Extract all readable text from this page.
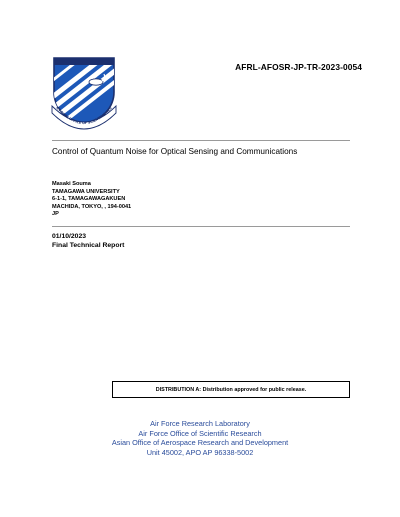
R FORCE OFFICE OF SCIENTIFIC RES
AFRL-AFOSR-JP-TR-2023-0054
Control of Quantum Noise for Optical Sensing and Communications
Masaki Souma
TAMAGAWA UNIVERSITY
6-1-1, TAMAGAWAGAKUEN
MACHIDA, TOKYO, , 194-0041
JP
01/10/2023
Final Technical Report
DISTRIBUTION A: Distribution approved for public release.
Air Force Research Laboratory
Air Force Office of Scientific Research
Asian Office of Aerospace Research and Development
Unit 45002, APO AP 96338-5002
